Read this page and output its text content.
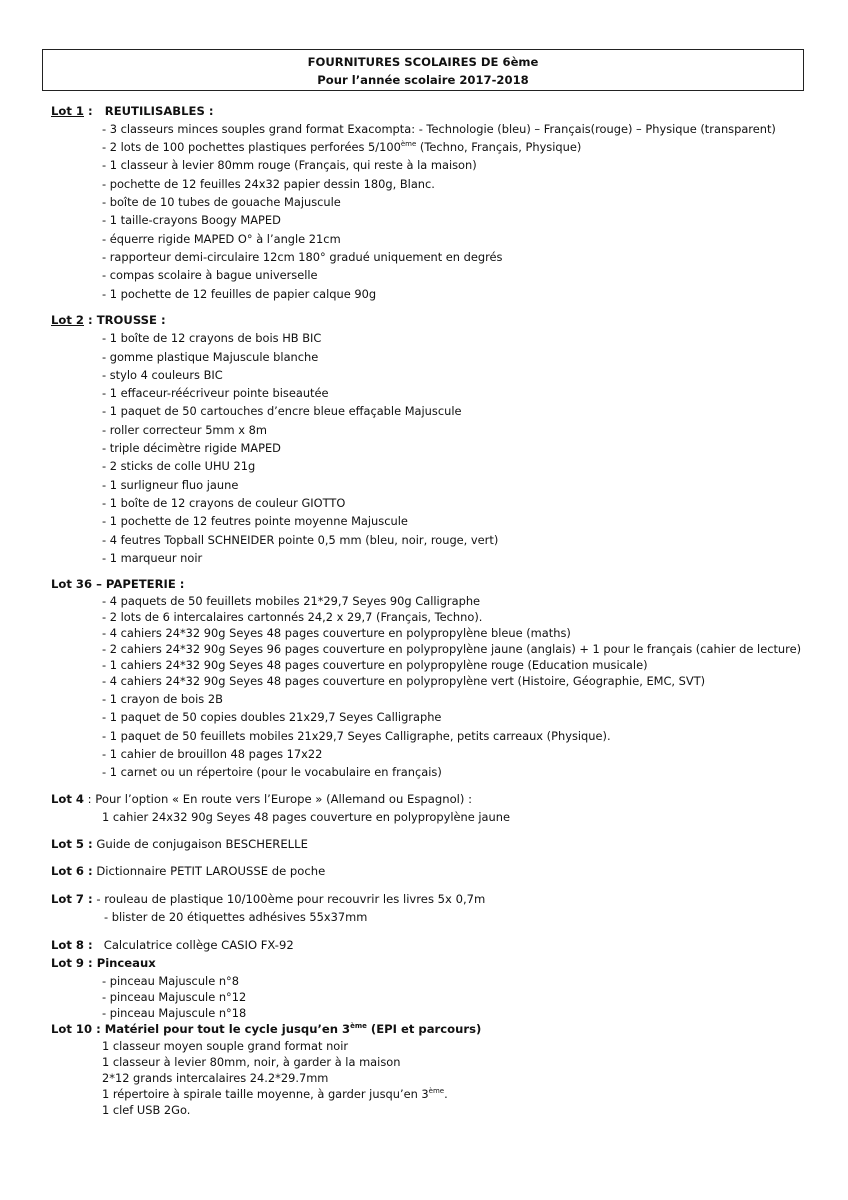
FOURNITURES SCOLAIRES DE 6ème
Pour l’année scolaire 2017-2018
Lot 1 : REUTILISABLES :
- 3 classeurs minces souples grand format Exacompta: - Technologie (bleu) – Français(rouge) – Physique (transparent)
- 2 lots de 100 pochettes plastiques perforées 5/100ème (Techno, Français, Physique)
- 1 classeur à levier 80mm rouge (Français, qui reste à la maison)
- pochette de 12 feuilles 24x32 papier dessin 180g, Blanc.
- boîte de 10 tubes de gouache Majuscule
- 1 taille-crayons Boogy MAPED
- équerre rigide MAPED O° à l’angle 21cm
- rapporteur demi-circulaire 12cm 180° gradué uniquement en degrés
- compas scolaire à bague universelle
- 1 pochette de 12 feuilles de papier calque 90g
Lot 2 : TROUSSE :
- 1 boîte de 12 crayons de bois HB BIC
- gomme plastique Majuscule blanche
- stylo 4 couleurs BIC
- 1 effaceur-réécriveur pointe biseautée
- 1 paquet de 50 cartouches d’encre bleue effaçable Majuscule
- roller correcteur 5mm x 8m
- triple décimètre rigide MAPED
- 2 sticks de colle UHU 21g
- 1 surligneur fluo jaune
- 1 boîte de 12 crayons de couleur GIOTTO
- 1 pochette de 12 feutres pointe moyenne Majuscule
- 4 feutres Topball SCHNEIDER pointe 0,5 mm (bleu, noir, rouge, vert)
- 1 marqueur noir
Lot 36 – PAPETERIE :
- 4 paquets de 50 feuillets mobiles 21*29,7 Seyes 90g Calligraphe
- 2 lots de 6 intercalaires cartonnés 24,2 x 29,7 (Français, Techno).
- 4 cahiers 24*32 90g Seyes 48 pages couverture en polypropylène bleue (maths)
- 2 cahiers 24*32 90g Seyes 96 pages couverture en polypropylène jaune (anglais) + 1 pour le français (cahier de lecture)
- 1 cahiers 24*32 90g Seyes 48 pages couverture en polypropylène rouge (Education musicale)
- 4 cahiers 24*32 90g Seyes 48 pages couverture en polypropylène vert (Histoire, Géographie, EMC, SVT)
- 1 crayon de bois 2B
- 1 paquet de 50 copies doubles 21x29,7 Seyes Calligraphe
- 1 paquet de 50 feuillets mobiles 21x29,7 Seyes Calligraphe, petits carreaux (Physique).
- 1 cahier de brouillon 48 pages 17x22
- 1 carnet ou un répertoire (pour le vocabulaire en français)
Lot 4 : Pour l’option « En route vers l’Europe » (Allemand ou Espagnol) :
1 cahier 24x32 90g Seyes 48 pages couverture en polypropylène jaune
Lot 5 : Guide de conjugaison BESCHERELLE
Lot 6 : Dictionnaire PETIT LAROUSSE de poche
Lot 7 : - rouleau de plastique 10/100ème pour recouvrir les livres 5x 0,7m
- blister de 20 étiquettes adhésives 55x37mm
Lot 8 : Calculatrice collège CASIO FX-92
Lot 9 : Pinceaux
- pinceau Majuscule n°8
- pinceau Majuscule n°12
- pinceau Majuscule n°18
Lot 10 : Matériel pour tout le cycle jusqu’en 3ème (EPI et parcours)
1 classeur moyen souple grand format noir
1 classeur à levier 80mm, noir, à garder à la maison
2*12 grands intercalaires 24.2*29.7mm
1 répertoire à spirale taille moyenne, à garder jusqu’en 3ème.
1 clef USB 2Go.
